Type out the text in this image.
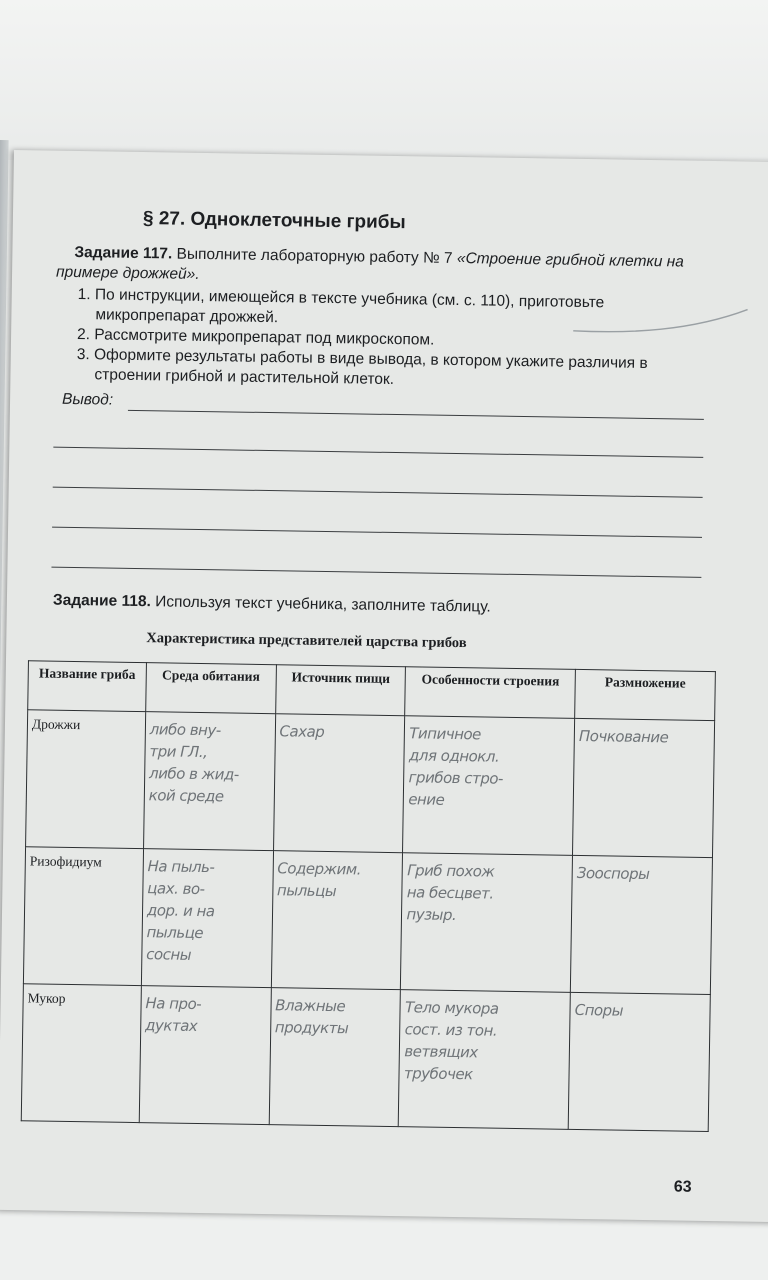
§ 27. Одноклеточные грибы
Задание 117. Выполните лабораторную работу № 7 «Строение грибной клетки на примере дрожжей».
1. По инструкции, имеющейся в тексте учебника (см. с. 110), приготовьте микропрепарат дрожжей.
2. Рассмотрите микропрепарат под микроскопом.
3. Оформите результаты работы в виде вывода, в котором укажите различия в строении грибной и растительной клеток.
Вывод:
Задание 118. Используя текст учебника, заполните таблицу.
Характеристика представителей царства грибов
Название гриба	Среда обитания	Источник пищи	Особенности строения	Размножение
Дрожжи	либо вну-
три ГЛ.,
либо в жид-
кой среде	Сахар	Типичное
для однокл.
грибов стро-
ение	Почкование

Ризофидиум	На пыль-
цах. во-
дор. и на
пыльце
сосны	Содержим.
пыльцы	Гриб похож
на бесцвет.
пузыр.	Зооспоры

Мукор	На про-
дуктах	Влажные
продукты	Тело мукора
сост. из тон.
ветвящих
трубочек	Споры
63
